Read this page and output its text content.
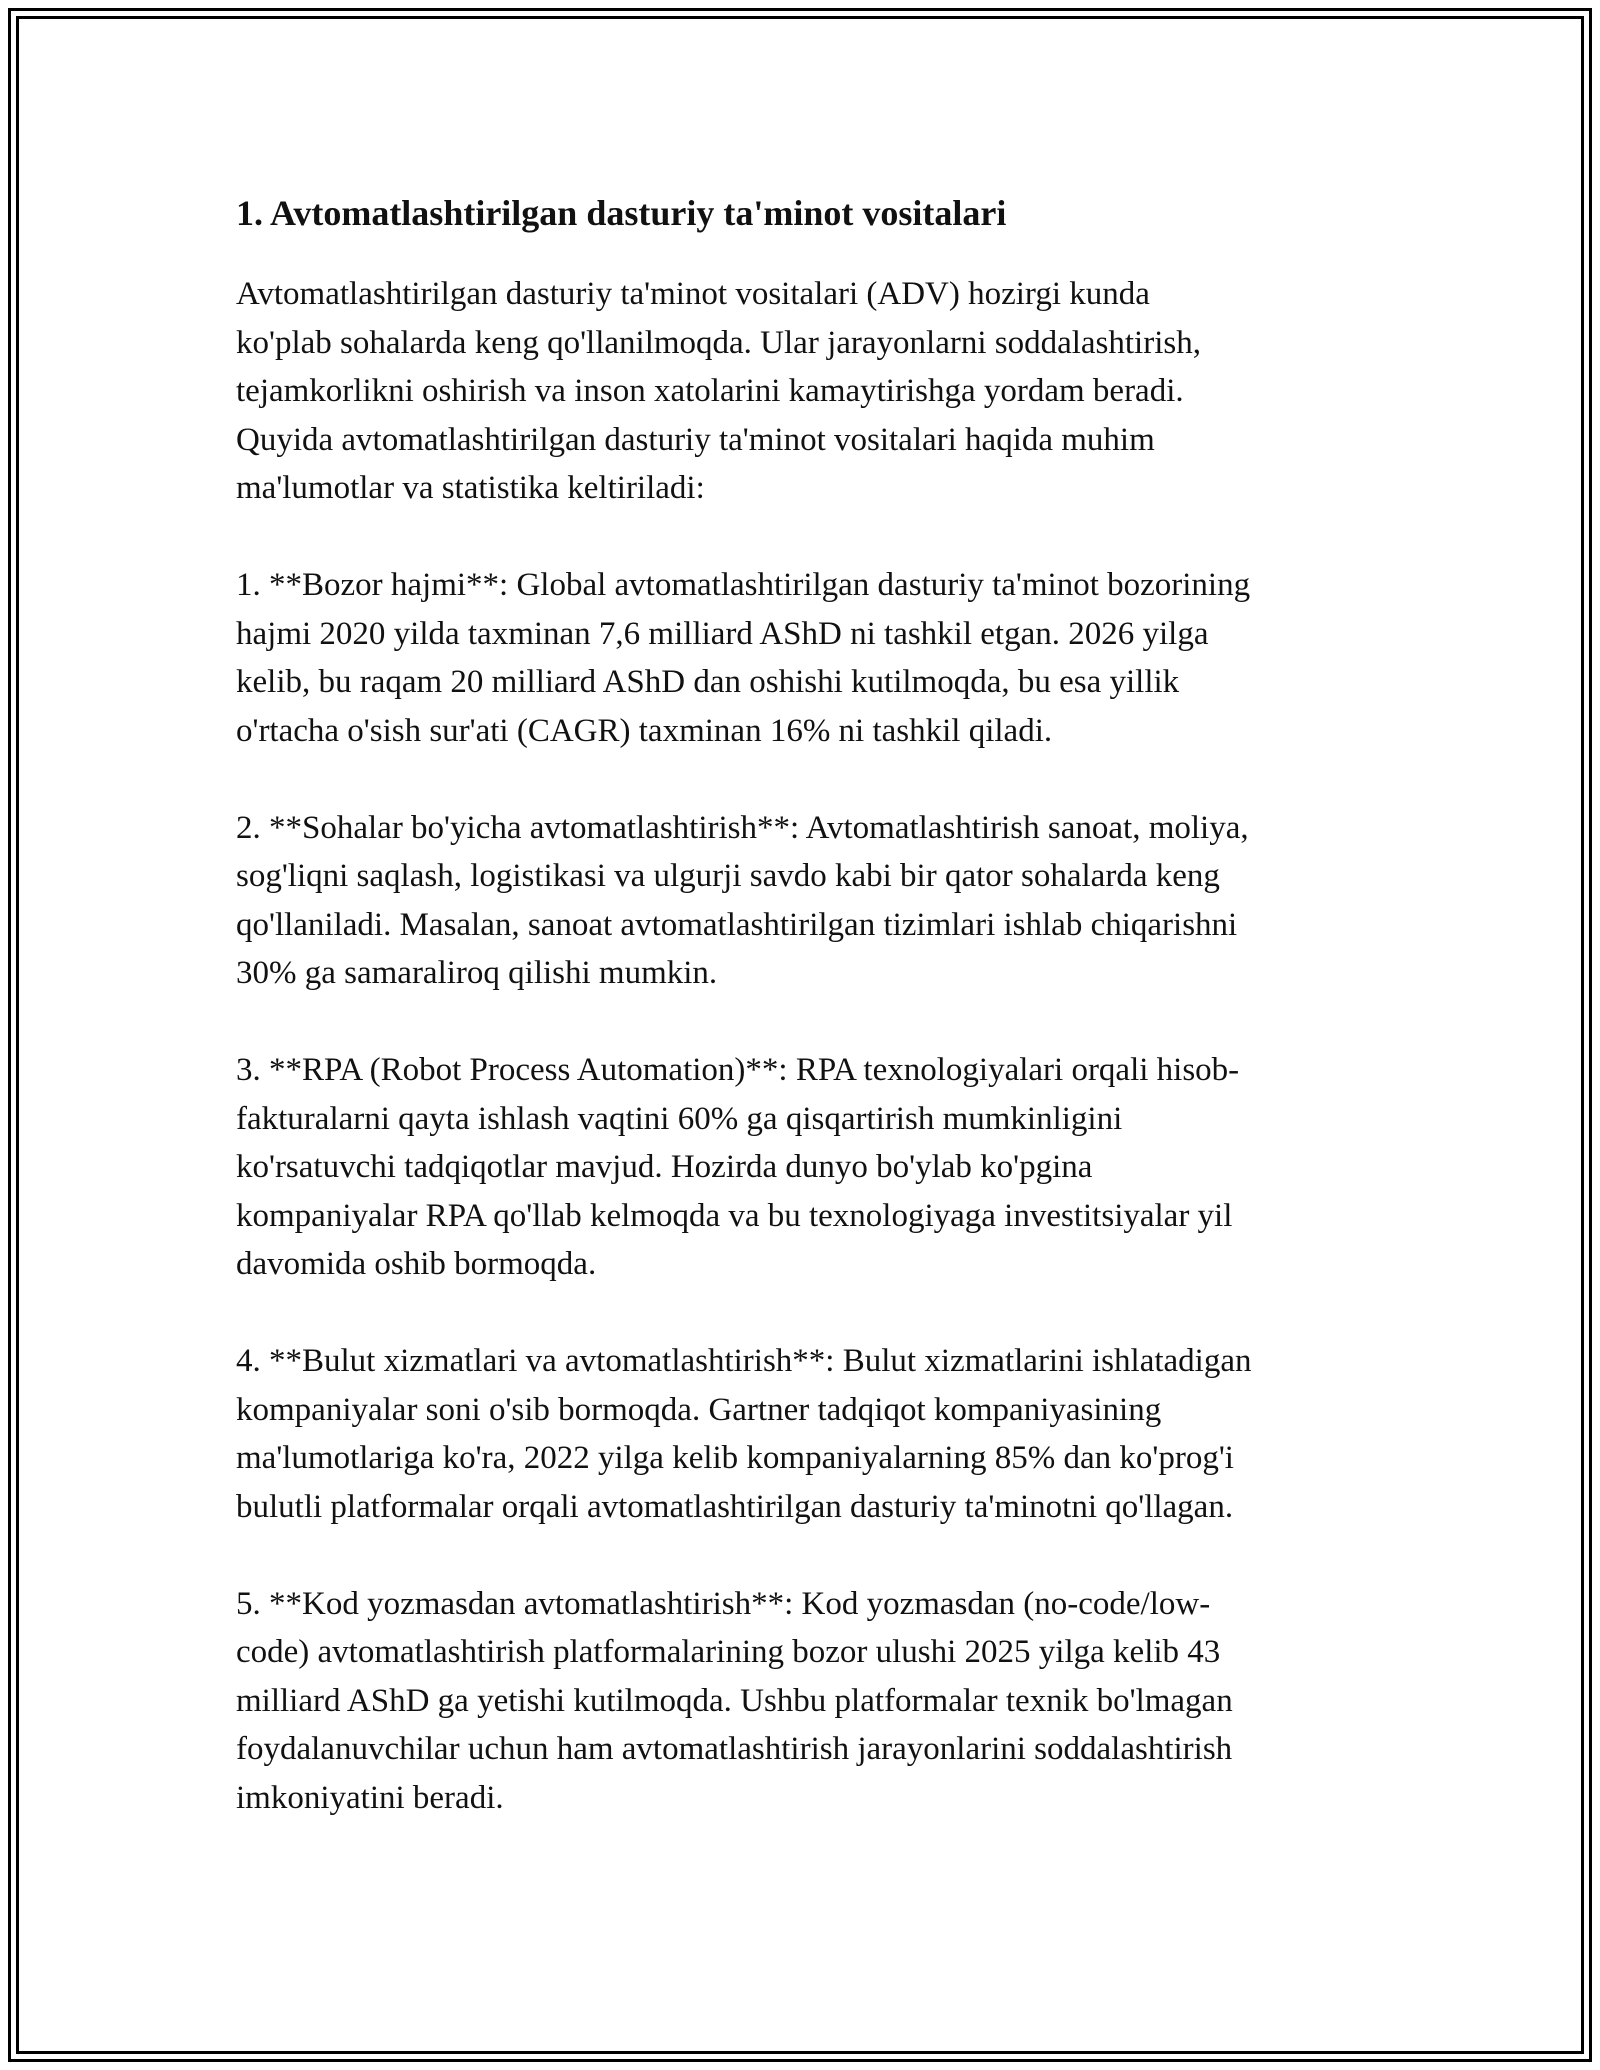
1. Avtomatlashtirilgan dasturiy ta'minot vositalari

Avtomatlashtirilgan dasturiy ta'minot vositalari (ADV) hozirgi kunda
ko'plab sohalarda keng qo'llanilmoqda. Ular jarayonlarni soddalashtirish,
tejamkorlikni oshirish va inson xatolarini kamaytirishga yordam beradi.
Quyida avtomatlashtirilgan dasturiy ta'minot vositalari haqida muhim
ma'lumotlar va statistika keltiriladi:

1. **Bozor hajmi**: Global avtomatlashtirilgan dasturiy ta'minot bozorining
hajmi 2020 yilda taxminan 7,6 milliard AShD ni tashkil etgan. 2026 yilga
kelib, bu raqam 20 milliard AShD dan oshishi kutilmoqda, bu esa yillik
o'rtacha o'sish sur'ati (CAGR) taxminan 16% ni tashkil qiladi.

2. **Sohalar bo'yicha avtomatlashtirish**: Avtomatlashtirish sanoat, moliya,
sog'liqni saqlash, logistikasi va ulgurji savdo kabi bir qator sohalarda keng
qo'llaniladi. Masalan, sanoat avtomatlashtirilgan tizimlari ishlab chiqarishni
30% ga samaraliroq qilishi mumkin.

3. **RPA (Robot Process Automation)**: RPA texnologiyalari orqali hisob-
fakturalarni qayta ishlash vaqtini 60% ga qisqartirish mumkinligini
ko'rsatuvchi tadqiqotlar mavjud. Hozirda dunyo bo'ylab ko'pgina
kompaniyalar RPA qo'llab kelmoqda va bu texnologiyaga investitsiyalar yil
davomida oshib bormoqda.

4. **Bulut xizmatlari va avtomatlashtirish**: Bulut xizmatlarini ishlatadigan
kompaniyalar soni o'sib bormoqda. Gartner tadqiqot kompaniyasining
ma'lumotlariga ko'ra, 2022 yilga kelib kompaniyalarning 85% dan ko'prog'i
bulutli platformalar orqali avtomatlashtirilgan dasturiy ta'minotni qo'llagan.

5. **Kod yozmasdan avtomatlashtirish**: Kod yozmasdan (no-code/low-
code) avtomatlashtirish platformalarining bozor ulushi 2025 yilga kelib 43
milliard AShD ga yetishi kutilmoqda. Ushbu platformalar texnik bo'lmagan
foydalanuvchilar uchun ham avtomatlashtirish jarayonlarini soddalashtirish
imkoniyatini beradi.
